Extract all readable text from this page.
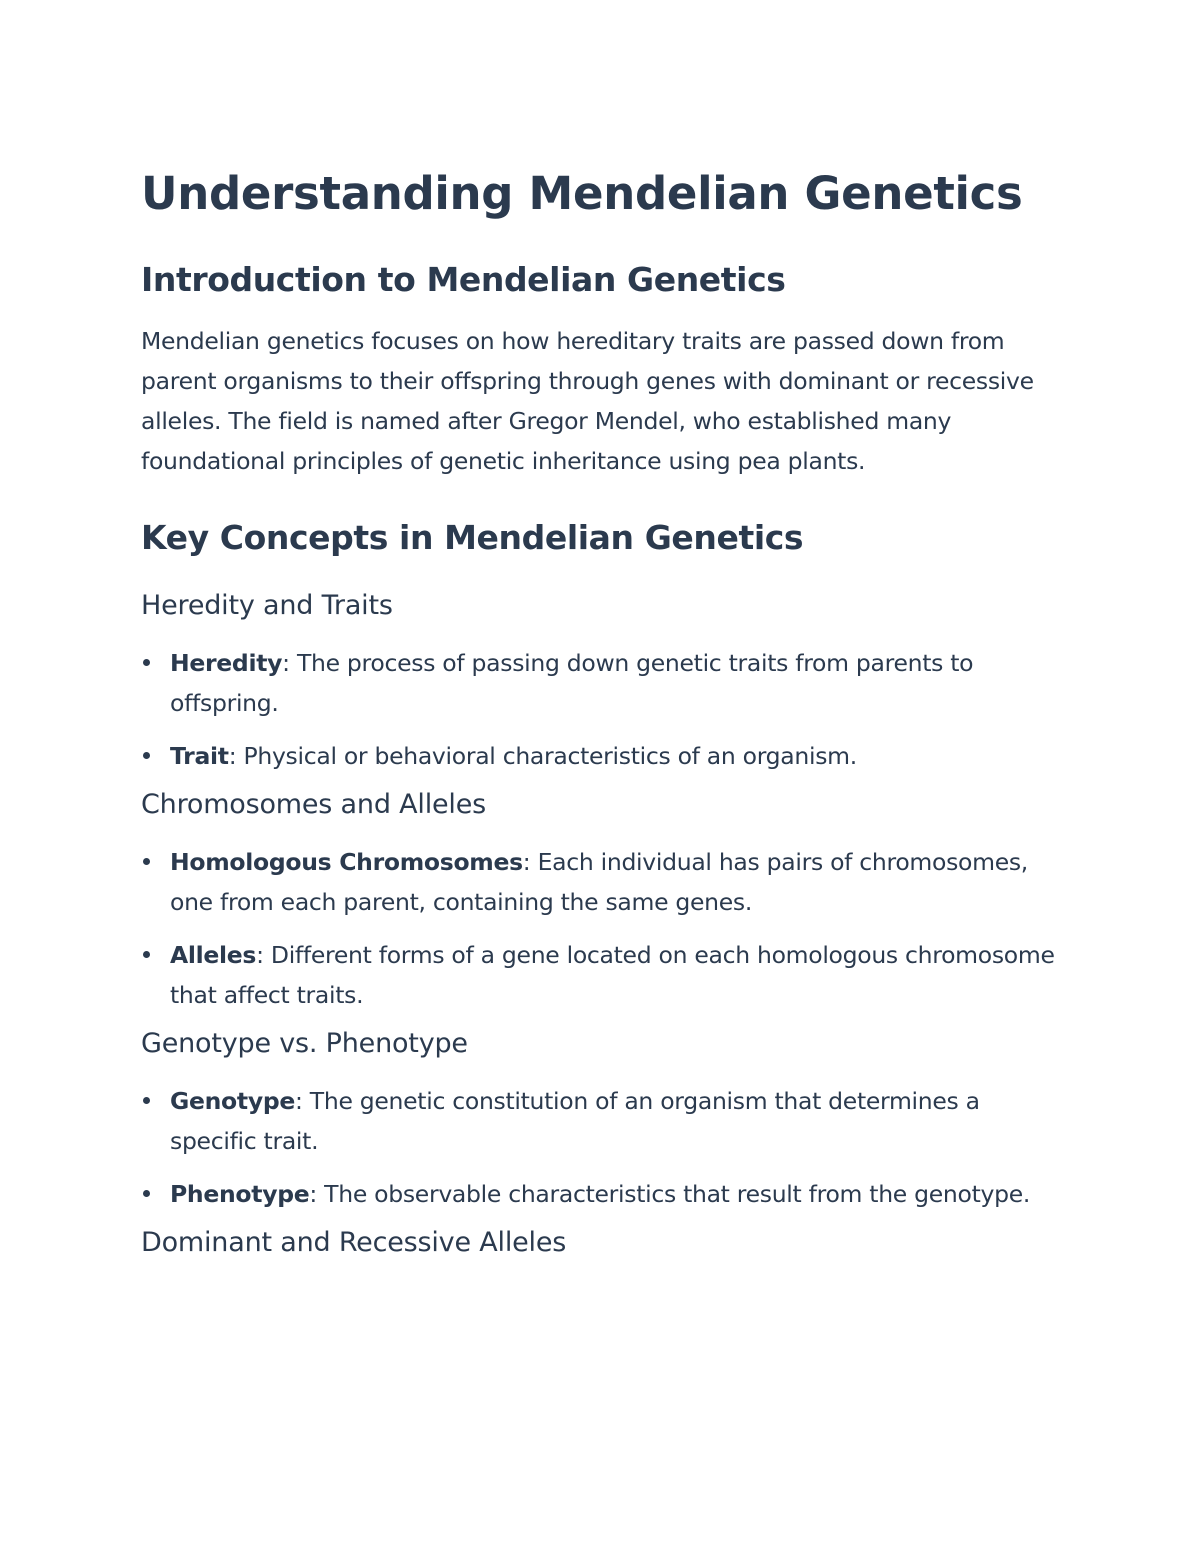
Understanding Mendelian Genetics
Introduction to Mendelian Genetics

Mendelian genetics focuses on how hereditary traits are passed down from parent organisms to their offspring through genes with dominant or recessive alleles. The field is named after Gregor Mendel, who established many foundational principles of genetic inheritance using pea plants.

Key Concepts in Mendelian Genetics
Heredity and Traits
Heredity: The process of passing down genetic traits from parents to offspring.
Trait: Physical or behavioral characteristics of an organism.
Chromosomes and Alleles
Homologous Chromosomes: Each individual has pairs of chromosomes, one from each parent, containing the same genes.
Alleles: Different forms of a gene located on each homologous chromosome that affect traits.
Genotype vs. Phenotype
Genotype: The genetic constitution of an organism that determines a specific trait.
Phenotype: The observable characteristics that result from the genotype.
Dominant and Recessive Alleles
